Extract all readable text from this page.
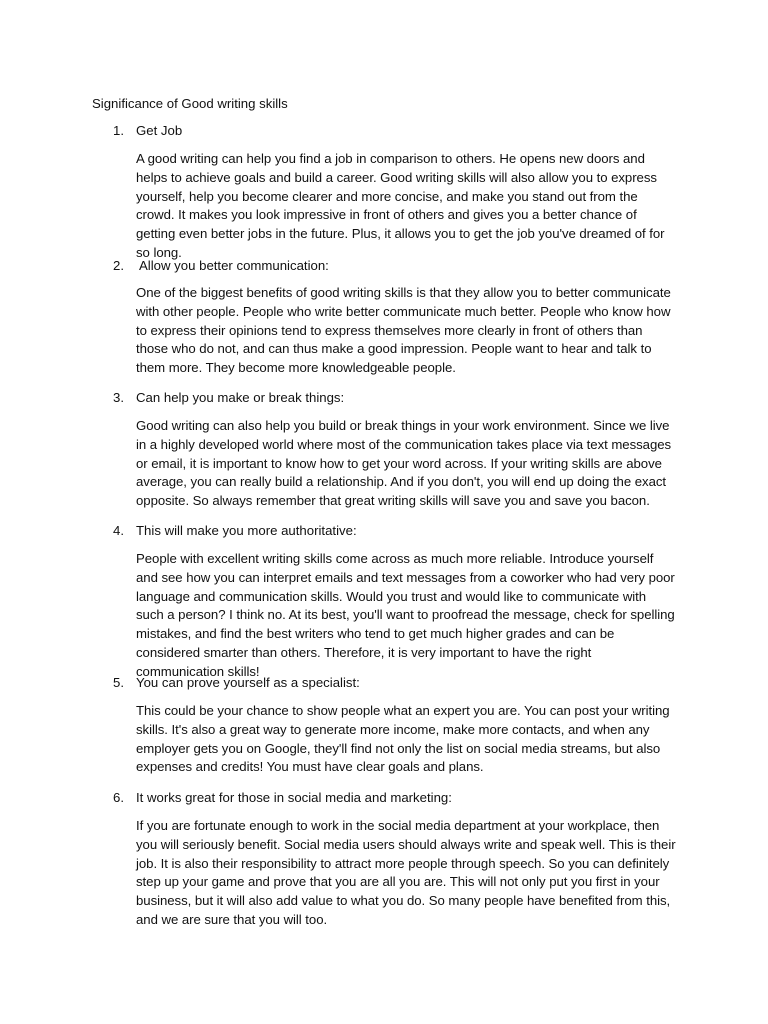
Significance of Good writing skills
1. Get Job
A good writing can help you find a job in comparison to others. He opens new doors and helps to achieve goals and build a career. Good writing skills will also allow you to express yourself, help you become clearer and more concise, and make you stand out from the crowd. It makes you look impressive in front of others and gives you a better chance of getting even better jobs in the future. Plus, it allows you to get the job you've dreamed of for so long.
2. Allow you better communication:
One of the biggest benefits of good writing skills is that they allow you to better communicate with other people. People who write better communicate much better. People who know how to express their opinions tend to express themselves more clearly in front of others than those who do not, and can thus make a good impression. People want to hear and talk to them more. They become more knowledgeable people.
3. Can help you make or break things:
Good writing can also help you build or break things in your work environment. Since we live in a highly developed world where most of the communication takes place via text messages or email, it is important to know how to get your word across. If your writing skills are above average, you can really build a relationship. And if you don't, you will end up doing the exact opposite. So always remember that great writing skills will save you and save you bacon.
4. This will make you more authoritative:
People with excellent writing skills come across as much more reliable. Introduce yourself and see how you can interpret emails and text messages from a coworker who had very poor language and communication skills. Would you trust and would like to communicate with such a person? I think no. At its best, you'll want to proofread the message, check for spelling mistakes, and find the best writers who tend to get much higher grades and can be considered smarter than others. Therefore, it is very important to have the right communication skills!
5. You can prove yourself as a specialist:
This could be your chance to show people what an expert you are. You can post your writing skills. It's also a great way to generate more income, make more contacts, and when any employer gets you on Google, they'll find not only the list on social media streams, but also expenses and credits! You must have clear goals and plans.
6. It works great for those in social media and marketing:
If you are fortunate enough to work in the social media department at your workplace, then you will seriously benefit. Social media users should always write and speak well. This is their job. It is also their responsibility to attract more people through speech. So you can definitely step up your game and prove that you are all you are. This will not only put you first in your business, but it will also add value to what you do. So many people have benefited from this, and we are sure that you will too.
